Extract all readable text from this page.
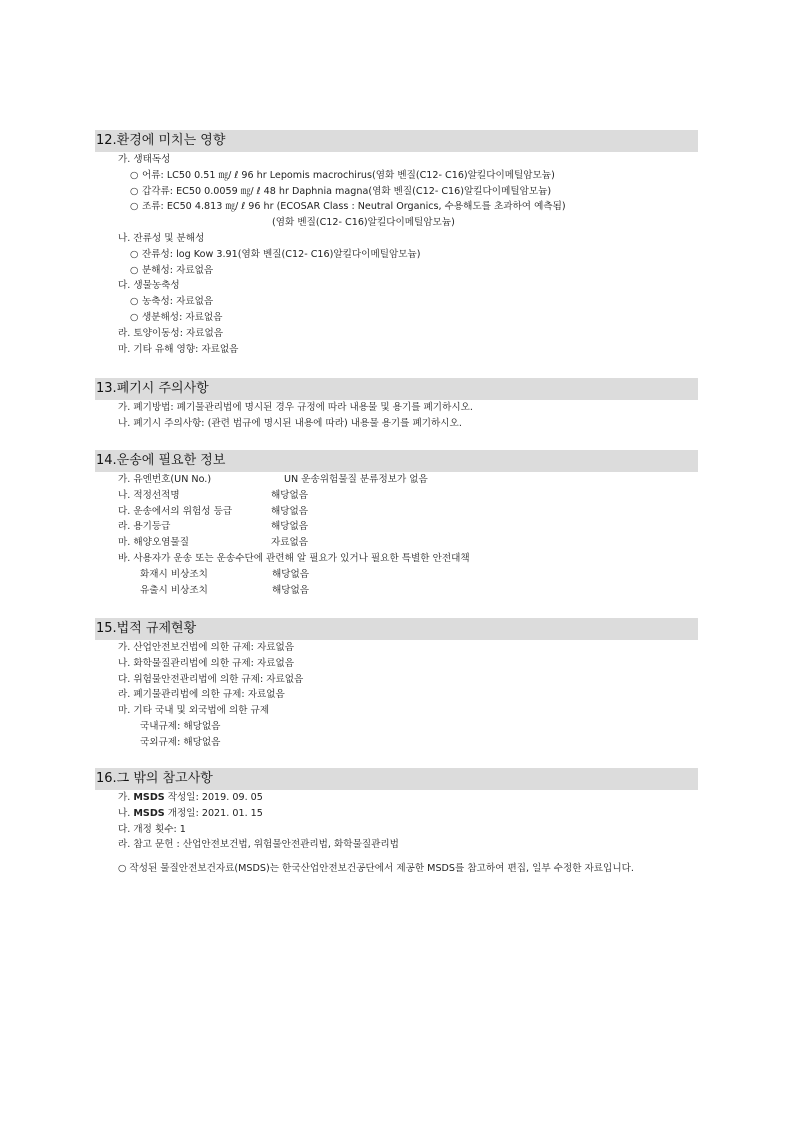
12.환경에 미치는 영향
가. 생태독성
○ 어류: LC50 0.51 ㎎/ ℓ 96 hr Lepomis macrochirus(염화 벤질(C12- C16)알킬다이메틸암모늄)
○ 갑각류: EC50 0.0059 ㎎/ ℓ 48 hr Daphnia magna(염화 벤질(C12- C16)알킬다이메틸암모늄)
○ 조류: EC50 4.813 ㎎/ ℓ 96 hr (ECOSAR Class : Neutral Organics, 수용해도를 초과하여 예측됨)
(염화 벤질(C12- C16)알킬다이메틸암모늄)
나. 잔류성 및 분해성
○ 잔류성: log Kow 3.91(염화 벤질(C12- C16)알킬다이메틸암모늄)
○ 분해성: 자료없음
다. 생물농축성
○ 농축성: 자료없음
○ 생분해성: 자료없음
라. 토양이동성: 자료없음
마. 기타 유해 영향: 자료없음
13.폐기시 주의사항
가. 폐기방법: 폐기물관리법에 명시된 경우 규정에 따라 내용물 및 용기를 폐기하시오.
나. 폐기시 주의사항: (관련 법규에 명시된 내용에 따라) 내용물 용기를 폐기하시오.
14.운송에 필요한 정보
가. 유엔번호(UN No.)	UN 운송위험물질 분류정보가 없음
나. 적정선적명	해당없음
다. 운송에서의 위험성 등급	해당없음
라. 용기등급	해당없음
마. 해양오염물질	자료없음
바. 사용자가 운송 또는 운송수단에 관련해 알 필요가 있거나 필요한 특별한 안전대책
화재시 비상조치	해당없음
유출시 비상조치	해당없음
15.법적 규제현황
가. 산업안전보건법에 의한 규제: 자료없음
나. 화학물질관리법에 의한 규제: 자료없음
다. 위험물안전관리법에 의한 규제: 자료없음
라. 폐기물관리법에 의한 규제: 자료없음
마. 기타 국내 및 외국법에 의한 규제
국내규제: 해당없음
국외규제: 해당없음
16.그 밖의 참고사항
가. MSDS 작성일: 2019. 09. 05
나. MSDS 개정일: 2021. 01. 15
다. 개정 횟수: 1
라. 참고 문헌 : 산업안전보건법, 위험물안전관리법, 화학물질관리법
○ 작성된 물질안전보건자료(MSDS)는 한국산업안전보건공단에서 제공한 MSDS를 참고하여 편집, 일부 수정한 자료입니다.
